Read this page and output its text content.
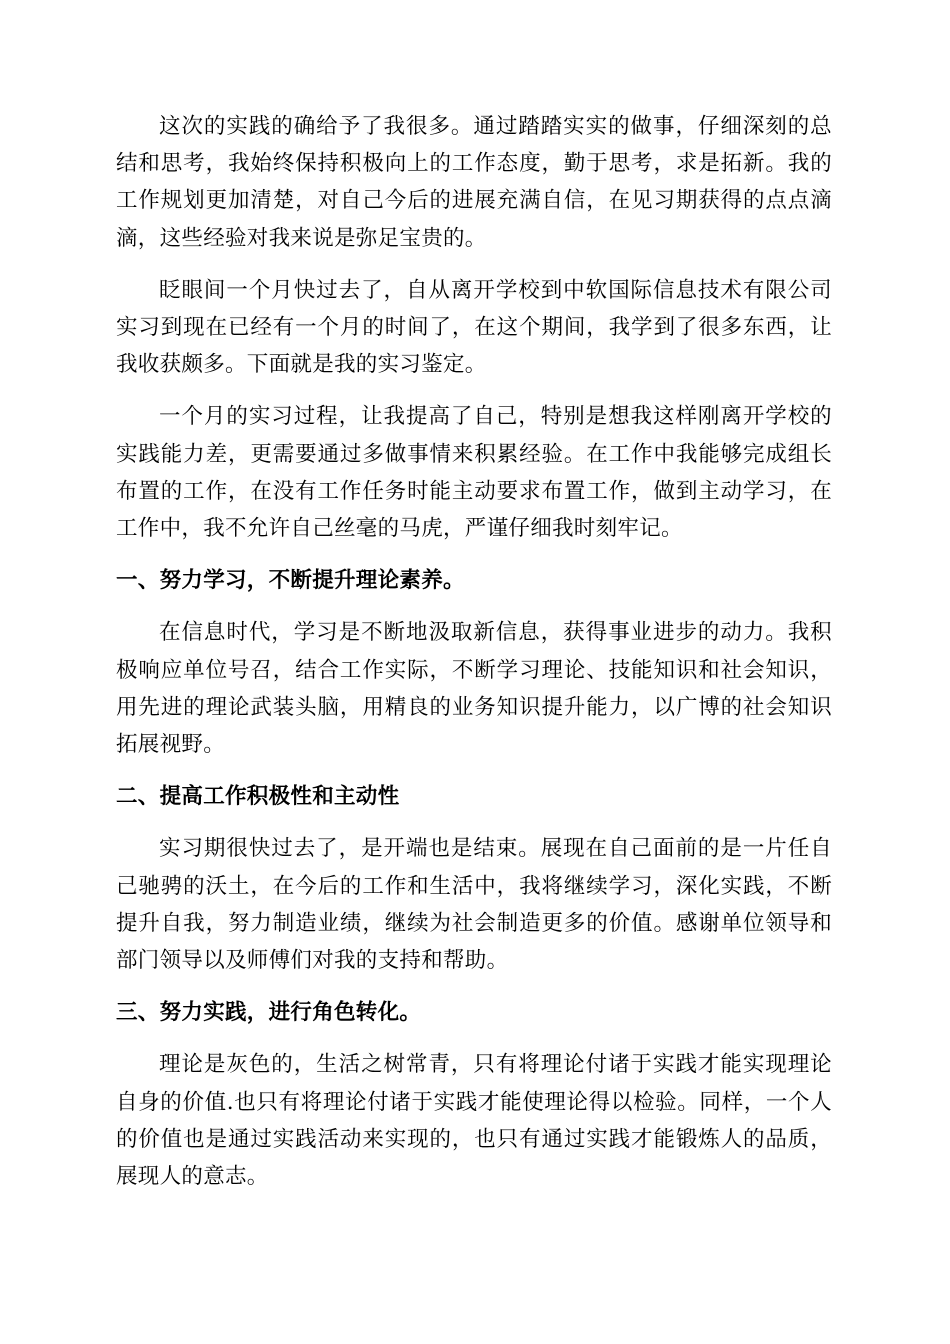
这次的实践的确给予了我很多。通过踏踏实实的做事，仔细深刻的总结和思考，我始终保持积极向上的工作态度，勤于思考，求是拓新。我的工作规划更加清楚，对自己今后的进展充满自信，在见习期获得的点点滴滴，这些经验对我来说是弥足宝贵的。

眨眼间一个月快过去了，自从离开学校到中软国际信息技术有限公司实习到现在已经有一个月的时间了，在这个期间，我学到了很多东西，让我收获颇多。下面就是我的实习鉴定。

一个月的实习过程，让我提高了自己，特别是想我这样刚离开学校的实践能力差，更需要通过多做事情来积累经验。在工作中我能够完成组长布置的工作，在没有工作任务时能主动要求布置工作，做到主动学习，在工作中，我不允许自己丝毫的马虎，严谨仔细我时刻牢记。

一、努力学习，不断提升理论素养。

在信息时代，学习是不断地汲取新信息，获得事业进步的动力。我积极响应单位号召，结合工作实际，不断学习理论、技能知识和社会知识，用先进的理论武装头脑，用精良的业务知识提升能力，以广博的社会知识拓展视野。

二、提高工作积极性和主动性

实习期很快过去了，是开端也是结束。展现在自己面前的是一片任自己驰骋的沃土，在今后的工作和生活中，我将继续学习，深化实践，不断提升自我，努力制造业绩，继续为社会制造更多的价值。感谢单位领导和部门领导以及师傅们对我的支持和帮助。

三、努力实践，进行角色转化。

理论是灰色的，生活之树常青，只有将理论付诸于实践才能实现理论自身的价值.也只有将理论付诸于实践才能使理论得以检验。同样，一个人的价值也是通过实践活动来实现的，也只有通过实践才能锻炼人的品质，展现人的意志。
